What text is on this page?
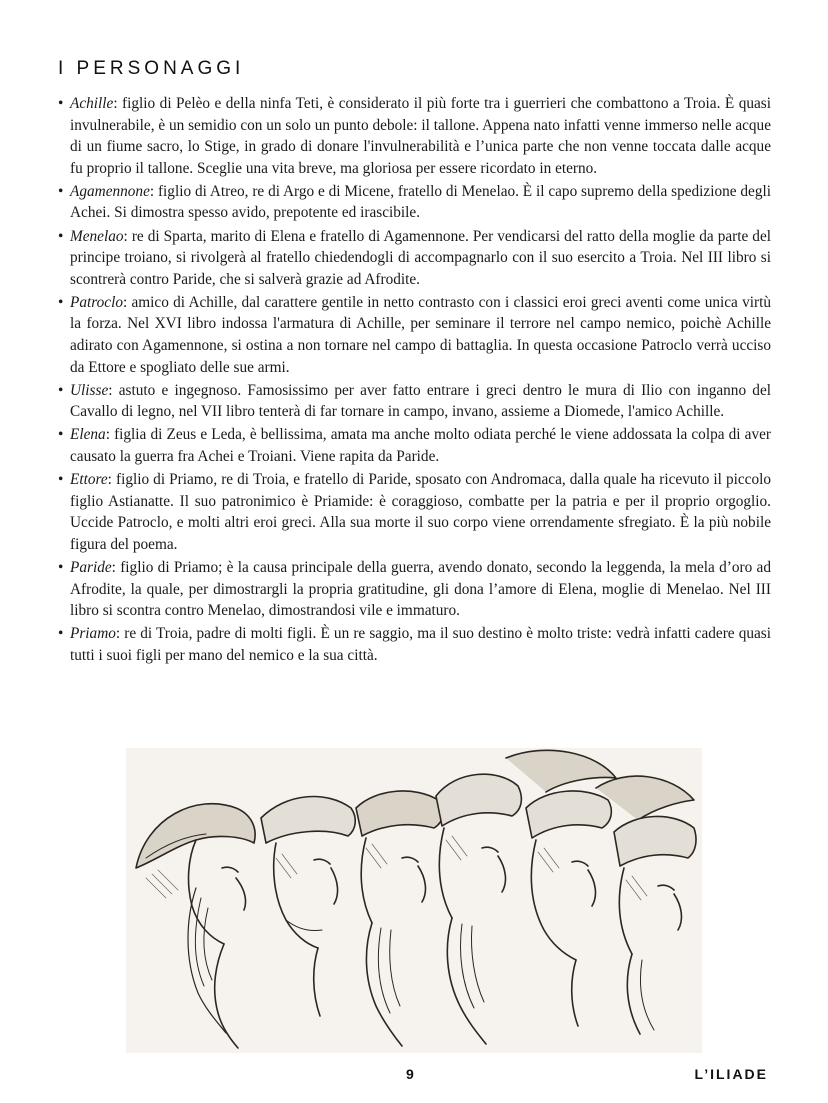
I PERSONAGGI
• Achille: figlio di Pelèo e della ninfa Teti, è considerato il più forte tra i guerrieri che combattono a Troia. È quasi invulnerabile, è un semidio con un solo un punto debole: il tallone. Appena nato infatti venne immerso nelle acque di un fiume sacro, lo Stige, in grado di donare l'invulnerabilità e l’unica parte che non venne toccata dalle acque fu proprio il tallone. Sceglie una vita breve, ma gloriosa per essere ricordato in eterno.
• Agamennone: figlio di Atreo, re di Argo e di Micene, fratello di Menelao. È il capo supremo della spedizione degli Achei. Si dimostra spesso avido, prepotente ed irascibile.
• Menelao: re di Sparta, marito di Elena e fratello di Agamennone. Per vendicarsi del ratto della moglie da parte del principe troiano, si rivolgerà al fratello chiedendogli di accompagnarlo con il suo esercito a Troia. Nel III libro si scontrerà contro Paride, che si salverà grazie ad Afrodite.
• Patroclo: amico di Achille, dal carattere gentile in netto contrasto con i classici eroi greci aventi come unica virtù la forza. Nel XVI libro indossa l'armatura di Achille, per seminare il terrore nel campo nemico, poichè Achille adirato con Agamennone, si ostina a non tornare nel campo di battaglia. In questa occasione Patroclo verrà ucciso da Ettore e spogliato delle sue armi.
• Ulisse: astuto e ingegnoso. Famosissimo per aver fatto entrare i greci dentro le mura di Ilio con inganno del Cavallo di legno, nel VII libro tenterà di far tornare in campo, invano, assieme a Diomede, l'amico Achille.
• Elena: figlia di Zeus e Leda, è bellissima, amata ma anche molto odiata perché le viene addossata la colpa di aver causato la guerra fra Achei e Troiani. Viene rapita da Paride.
• Ettore: figlio di Priamo, re di Troia, e fratello di Paride, sposato con Andromaca, dalla quale ha ricevuto il piccolo figlio Astianatte. Il suo patronimico è Priamide: è coraggioso, combatte per la patria e per il proprio orgoglio. Uccide Patroclo, e molti altri eroi greci. Alla sua morte il suo corpo viene orrendamente sfregiato. È la più nobile figura del poema.
• Paride: figlio di Priamo; è la causa principale della guerra, avendo donato, secondo la leggenda, la mela d’oro ad Afrodite, la quale, per dimostrargli la propria gratitudine, gli dona l’amore di Elena, moglie di Menelao. Nel III libro si scontra contro Menelao, dimostrandosi vile e immaturo.
• Priamo: re di Troia, padre di molti figli. È un re saggio, ma il suo destino è molto triste: vedrà infatti cadere quasi tutti i suoi figli per mano del nemico e la sua città.
9	L’ILIADE
